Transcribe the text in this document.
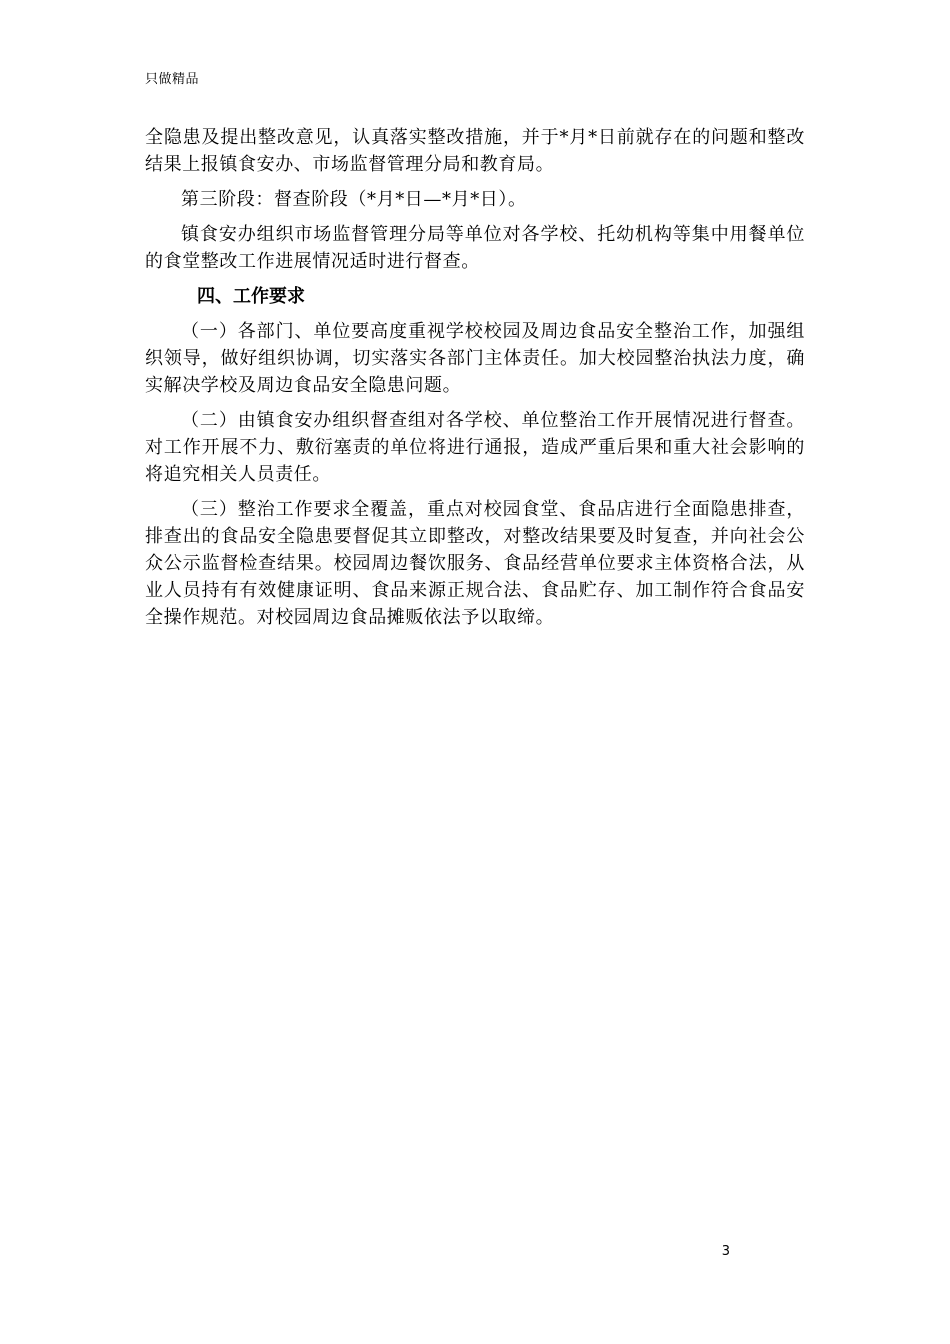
只做精品

全隐患及提出整改意见，认真落实整改措施，并于*月*日前就存在的问题和整改结果上报镇食安办、市场监督管理分局和教育局。

第三阶段：督查阶段（*月*日—*月*日）。

镇食安办组织市场监督管理分局等单位对各学校、托幼机构等集中用餐单位的食堂整改工作进展情况适时进行督查。

四、工作要求

（一）各部门、单位要高度重视学校校园及周边食品安全整治工作，加强组织领导，做好组织协调，切实落实各部门主体责任。加大校园整治执法力度，确实解决学校及周边食品安全隐患问题。

（二）由镇食安办组织督查组对各学校、单位整治工作开展情况进行督查。对工作开展不力、敷衍塞责的单位将进行通报，造成严重后果和重大社会影响的将追究相关人员责任。

（三）整治工作要求全覆盖，重点对校园食堂、食品店进行全面隐患排查，排查出的食品安全隐患要督促其立即整改，对整改结果要及时复查，并向社会公众公示监督检查结果。校园周边餐饮服务、食品经营单位要求主体资格合法，从业人员持有有效健康证明、食品来源正规合法、食品贮存、加工制作符合食品安全操作规范。对校园周边食品摊贩依法予以取缔。

3
